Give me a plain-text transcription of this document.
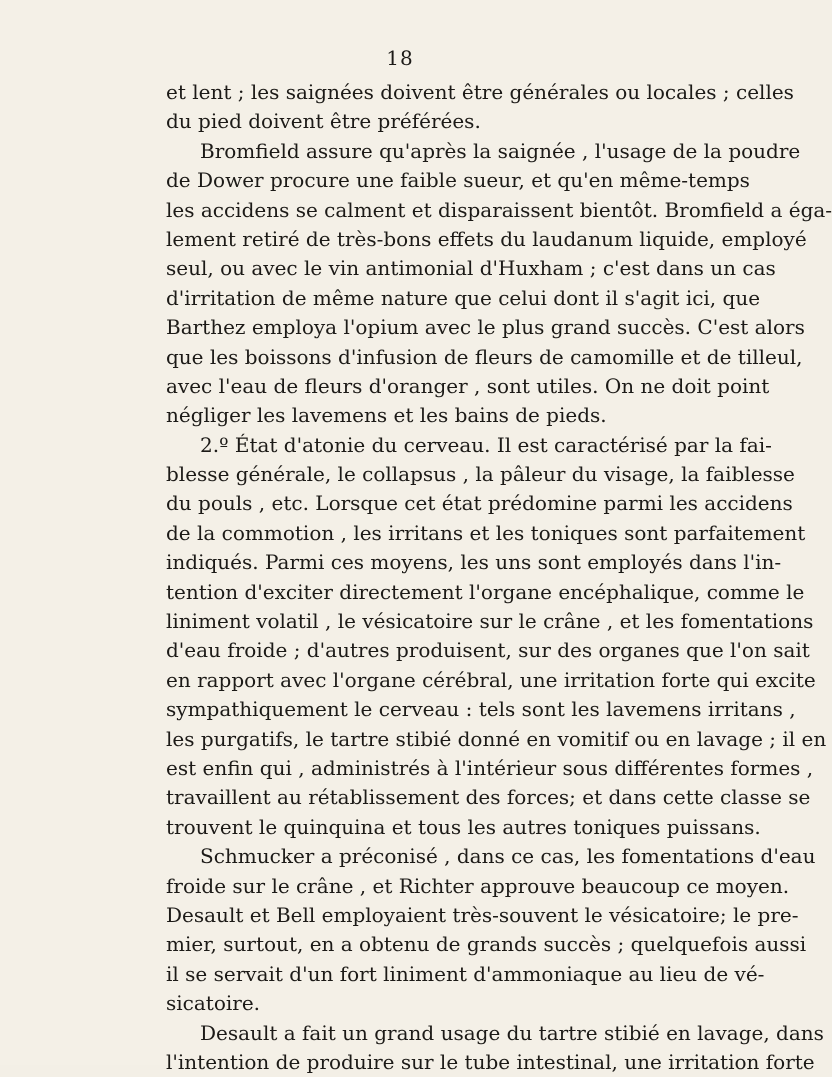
18
et lent ; les saignées doivent être générales ou locales ; celles
du pied doivent être préférées.
Bromfield assure qu'après la saignée , l'usage de la poudre
de Dower procure une faible sueur, et qu'en même-temps
les accidens se calment et disparaissent bientôt. Bromfield a éga-
lement retiré de très-bons effets du laudanum liquide, employé
seul, ou avec le vin antimonial d'Huxham ; c'est dans un cas
d'irritation de même nature que celui dont il s'agit ici, que
Barthez employa l'opium avec le plus grand succès. C'est alors
que les boissons d'infusion de fleurs de camomille et de tilleul,
avec l'eau de fleurs d'oranger , sont utiles. On ne doit point
négliger les lavemens et les bains de pieds.
2.º État d'atonie du cerveau. Il est caractérisé par la fai-
blesse générale, le collapsus , la pâleur du visage, la faiblesse
du pouls , etc. Lorsque cet état prédomine parmi les accidens
de la commotion , les irritans et les toniques sont parfaitement
indiqués. Parmi ces moyens, les uns sont employés dans l'in-
tention d'exciter directement l'organe encéphalique, comme le
liniment volatil , le vésicatoire sur le crâne , et les fomentations
d'eau froide ; d'autres produisent, sur des organes que l'on sait
en rapport avec l'organe cérébral, une irritation forte qui excite
sympathiquement le cerveau : tels sont les lavemens irritans ,
les purgatifs, le tartre stibié donné en vomitif ou en lavage ; il en
est enfin qui , administrés à l'intérieur sous différentes formes ,
travaillent au rétablissement des forces; et dans cette classe se
trouvent le quinquina et tous les autres toniques puissans.
Schmucker a préconisé , dans ce cas, les fomentations d'eau
froide sur le crâne , et Richter approuve beaucoup ce moyen.
Desault et Bell employaient très-souvent le vésicatoire; le pre-
mier, surtout, en a obtenu de grands succès ; quelquefois aussi
il se servait d'un fort liniment d'ammoniaque au lieu de vé-
sicatoire.
Desault a fait un grand usage du tartre stibié en lavage, dans
l'intention de produire sur le tube intestinal, une irritation forte
